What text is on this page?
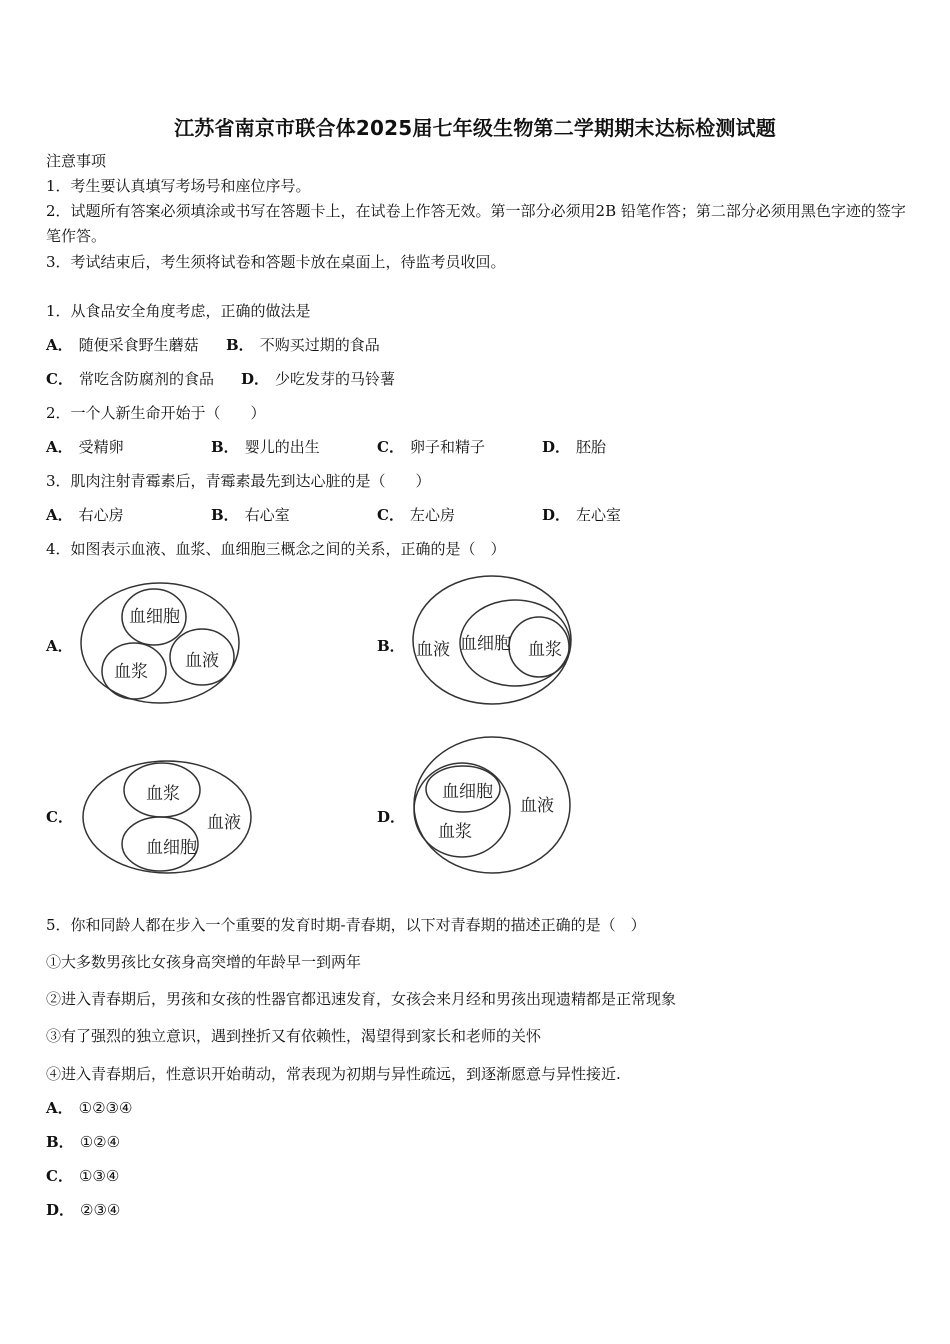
江苏省南京市联合体2025届七年级生物第二学期期末达标检测试题
注意事项
1．考生要认真填写考场号和座位序号。
2．试题所有答案必须填涂或书写在答题卡上，在试卷上作答无效。第一部分必须用2B 铅笔作答；第二部分必须用黑色字迹的签字笔作答。
3．考试结束后，考生须将试卷和答题卡放在桌面上，待监考员收回。
1．从食品安全角度考虑，正确的做法是
A． 随便采食野生蘑菇 B． 不购买过期的食品
C． 常吃含防腐剂的食品 D． 少吃发芽的马铃薯
2．一个人新生命开始于（　　）
A． 受精卵	B． 婴儿的出生	C． 卵子和精子	D． 胚胎
3．肌肉注射青霉素后，青霉素最先到达心脏的是（　　）
A． 右心房	B． 右心室	C． 左心房	D． 左心室
4．如图表示血液、血浆、血细胞三概念之间的关系，正确的是（　）
A．
血细胞
血浆
血液
B． 血液 血细胞 血浆
C．
血浆
血液
血细胞
D．
血细胞
血液
血浆
5．你和同龄人都在步入一个重要的发育时期-青春期，以下对青春期的描述正确的是（　）
①大多数男孩比女孩身高突增的年龄早一到两年
②进入青春期后，男孩和女孩的性器官都迅速发育，女孩会来月经和男孩出现遗精都是正常现象
③有了强烈的独立意识，遇到挫折又有依赖性，渴望得到家长和老师的关怀
④进入青春期后，性意识开始萌动，常表现为初期与异性疏远，到逐渐愿意与异性接近.
A． ①②③④
B． ①②④
C． ①③④
D． ②③④
